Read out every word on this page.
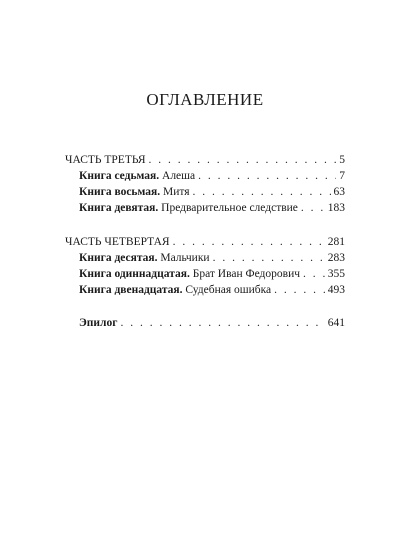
ОГЛАВЛЕНИЕ
ЧАСТЬ ТРЕТЬЯ . . .	5
Книга седьмая. Алеша . . .	7
Книга восьмая. Митя . . .	63
Книга девятая. Предварительное следствие . . .	183
ЧАСТЬ ЧЕТВЕРТАЯ . . .	281
Книга десятая. Мальчики . . .	283
Книга одиннадцатая. Брат Иван Федорович . . . 355
Книга двенадцатая. Судебная ошибка . . .	493
Эпилог . . .	641
